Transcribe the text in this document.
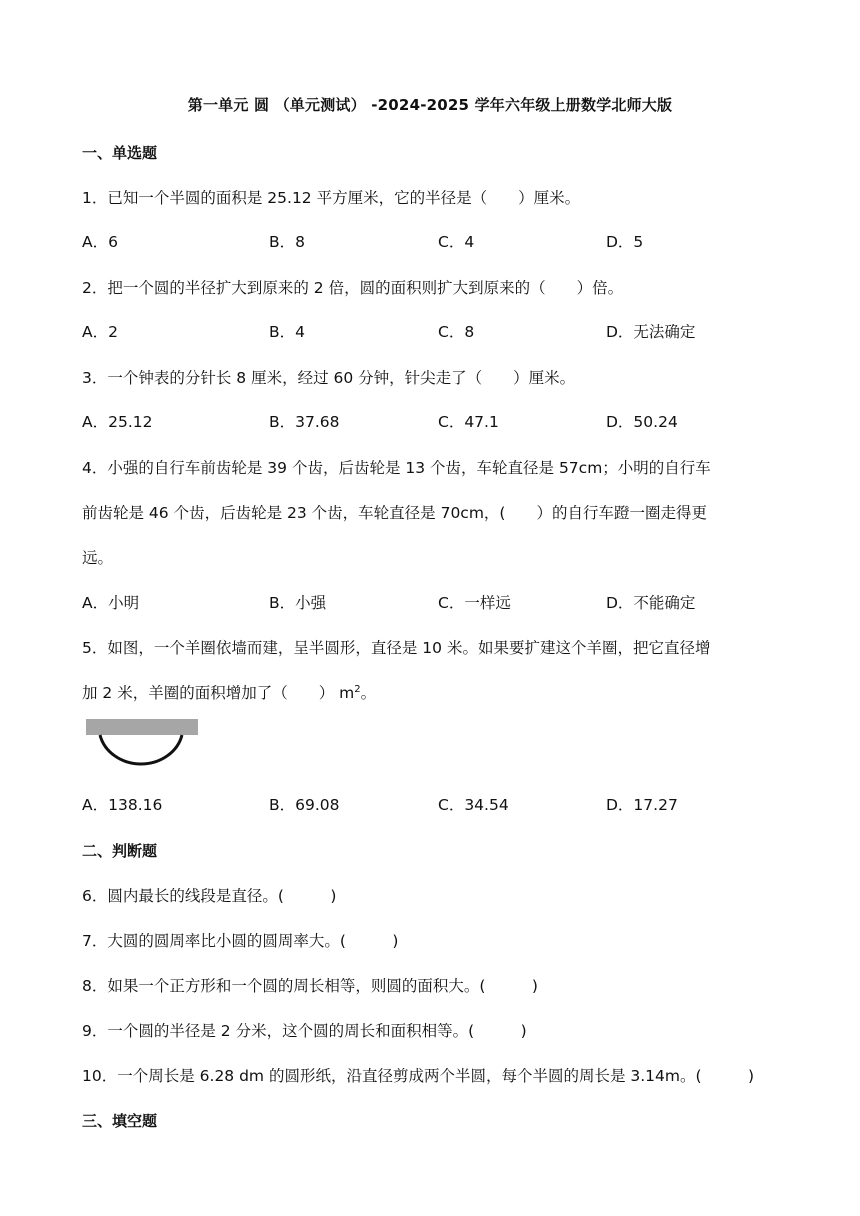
第一单元 圆 （单元测试） -2024-2025 学年六年级上册数学北师大版
一、单选题
1．已知一个半圆的面积是 25.12 平方厘米，它的半径是（　　）厘米。
A．6	B．8	C．4	D．5
2．把一个圆的半径扩大到原来的 2 倍，圆的面积则扩大到原来的（　　）倍。
A．2	B．4	C．8	D．无法确定
3．一个钟表的分针长 8 厘米，经过 60 分钟，针尖走了（　　）厘米。
A．25.12	B．37.68	C．47.1	D．50.24
4．小强的自行车前齿轮是 39 个齿，后齿轮是 13 个齿，车轮直径是 57cm；小明的自行车
前齿轮是 46 个齿，后齿轮是 23 个齿，车轮直径是 70cm，(　　）的自行车蹬一圈走得更
远。
A．小明	B．小强	C．一样远	D．不能确定
5．如图，一个羊圈依墙而建，呈半圆形，直径是 10 米。如果要扩建这个羊圈，把它直径增
加 2 米，羊圈的面积增加了（　　） $m^2$。
A．138.16	B．69.08	C．34.54	D．17.27
二、判断题
6．圆内最长的线段是直径。(　　　)
7．大圆的圆周率比小圆的圆周率大。(　　　)
8．如果一个正方形和一个圆的周长相等，则圆的面积大。(　　　)
9．一个圆的半径是 2 分米，这个圆的周长和面积相等。(　　　)
10．一个周长是 6.28 dm 的圆形纸，沿直径剪成两个半圆，每个半圆的周长是 3.14m。(　　　)
三、填空题
